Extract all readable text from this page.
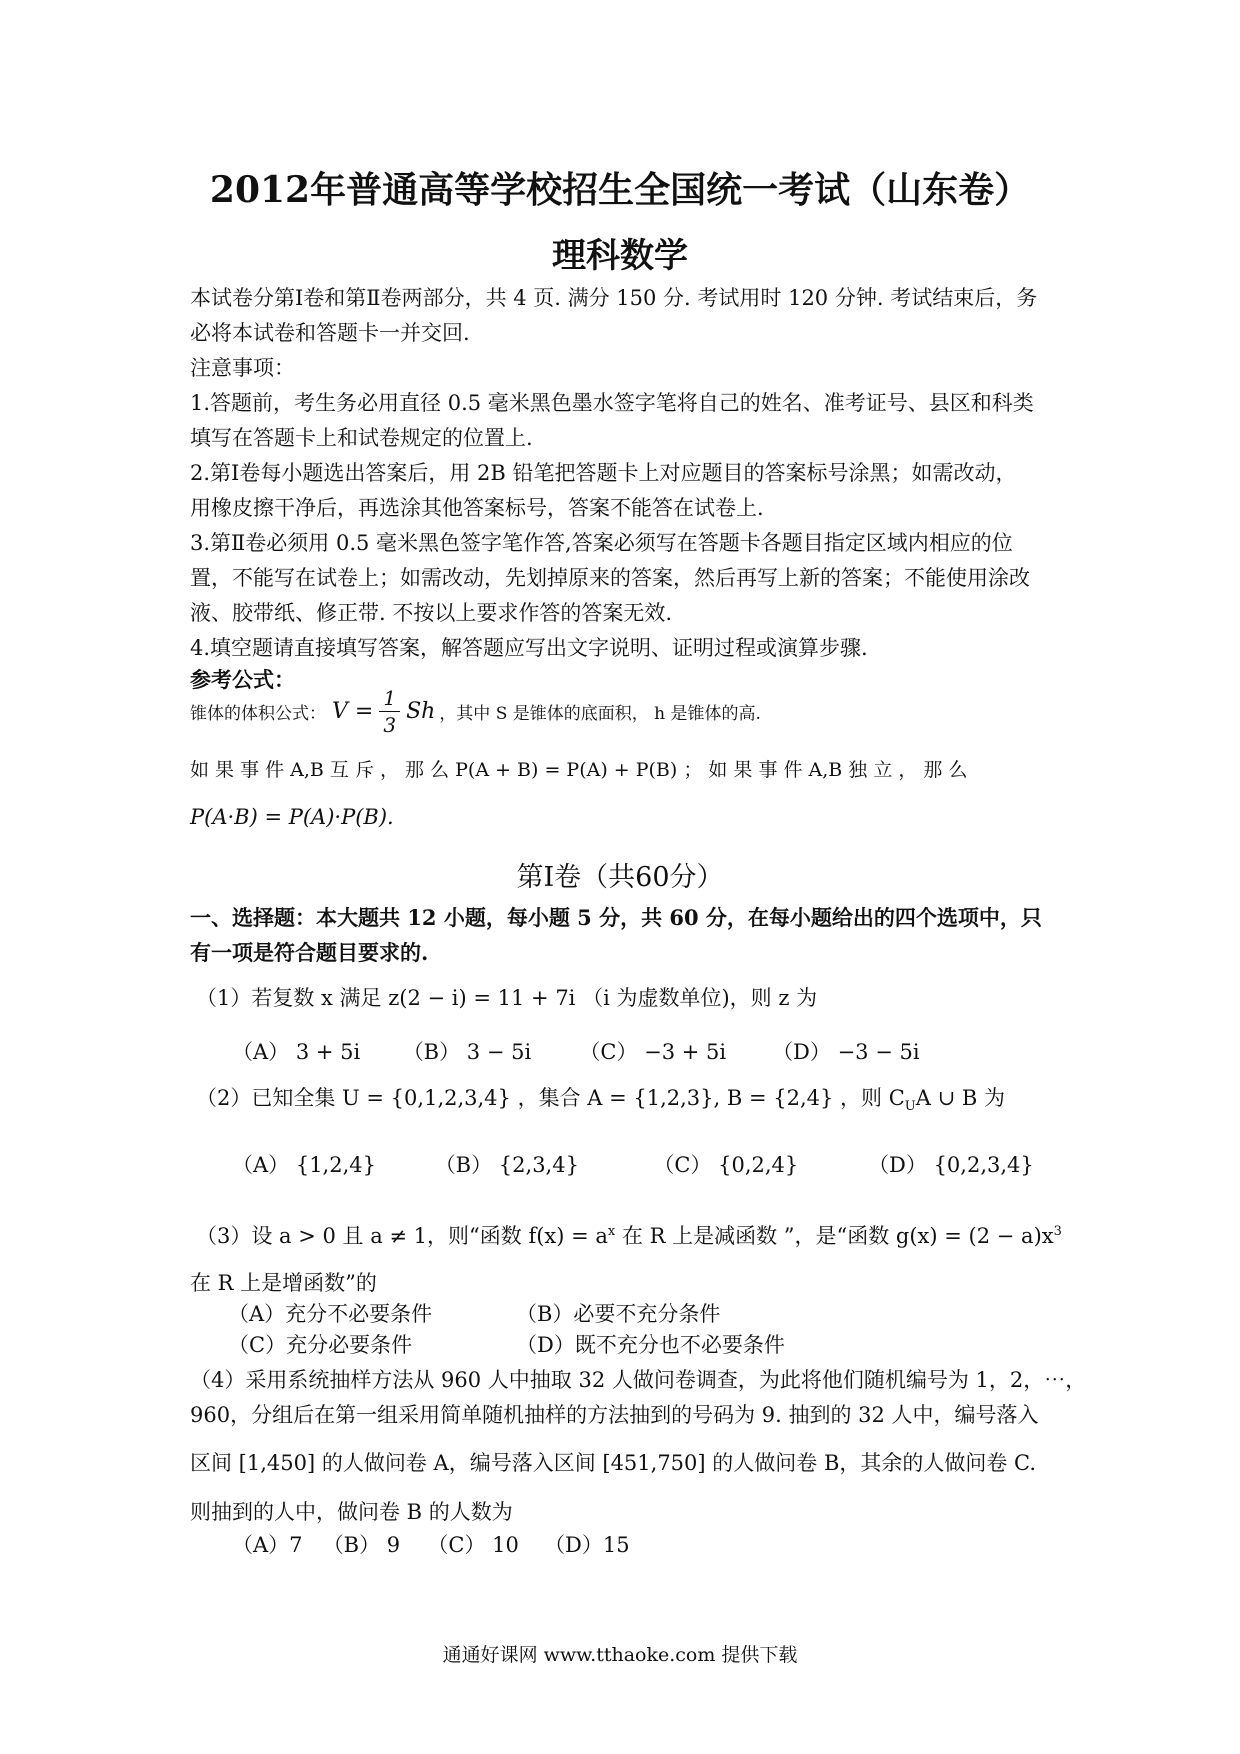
2012年普通高等学校招生全国统一考试（山东卷）
理科数学
本试卷分第Ⅰ卷和第Ⅱ卷两部分，共 4 页. 满分 150 分. 考试用时 120 分钟. 考试结束后，务
必将本试卷和答题卡一并交回.
注意事项：
1.答题前，考生务必用直径 0.5 毫米黑色墨水签字笔将自己的姓名、准考证号、县区和科类
填写在答题卡上和试卷规定的位置上.
2.第Ⅰ卷每小题选出答案后，用 2B 铅笔把答题卡上对应题目的答案标号涂黑；如需改动，
用橡皮擦干净后，再选涂其他答案标号，答案不能答在试卷上.
3.第Ⅱ卷必须用 0.5 毫米黑色签字笔作答,答案必须写在答题卡各题目指定区域内相应的位
置，不能写在试卷上；如需改动，先划掉原来的答案，然后再写上新的答案；不能使用涂改
液、胶带纸、修正带. 不按以上要求作答的答案无效.
4.填空题请直接填写答案，解答题应写出文字说明、证明过程或演算步骤.
参考公式：
锥体的体积公式： $V = \frac{1}{3}$ Sh ，其中 S 是锥体的底面积， h 是锥体的高.
如 果 事 件 A,B 互 斥 ， 那 么 P(A + B) = P(A) + P(B) ； 如 果 事 件 A,B 独 立 ， 那 么
P(A·B) = P(A)·P(B).
第Ⅰ卷（共60分）
一、选择题：本大题共 12 小题，每小题 5 分，共 60 分，在每小题给出的四个选项中，只
有一项是符合题目要求的.
（1）若复数 x 满足 z(2 − i) = 11 + 7i （i 为虚数单位)，则 z 为
（A） 3 + 5i （B） 3 − 5i （C） −3 + 5i （D） −3 − 5i
（2）已知全集 U = {0,1,2,3,4} ，集合 A = {1,2,3}, B = {2,4} ，则 $C_UA$ ∪ B 为
（A） {1,2,4}	（B） {2,3,4}	（C） {0,2,4}	（D） {0,2,3,4}
（3）设 a > 0 且 a ≠ 1，则“函数 $f(x) = a^x$ 在 R 上是减函数 ”，是“函数 $g(x) = (2 - a)x^3$
在 R 上是增函数”的
（A）充分不必要条件	（B）必要不充分条件
（C）充分必要条件	（D）既不充分也不必要条件
（4）采用系统抽样方法从 960 人中抽取 32 人做问卷调查，为此将他们随机编号为 1，2，⋯，
960，分组后在第一组采用简单随机抽样的方法抽到的号码为 9. 抽到的 32 人中，编号落入
区间 [1,450] 的人做问卷 A，编号落入区间 [451,750] 的人做问卷 B，其余的人做问卷 C.
则抽到的人中，做问卷 B 的人数为
（A）7 （B） 9 （C） 10 （D）15
通通好课网 www.tthaoke.com 提供下载
